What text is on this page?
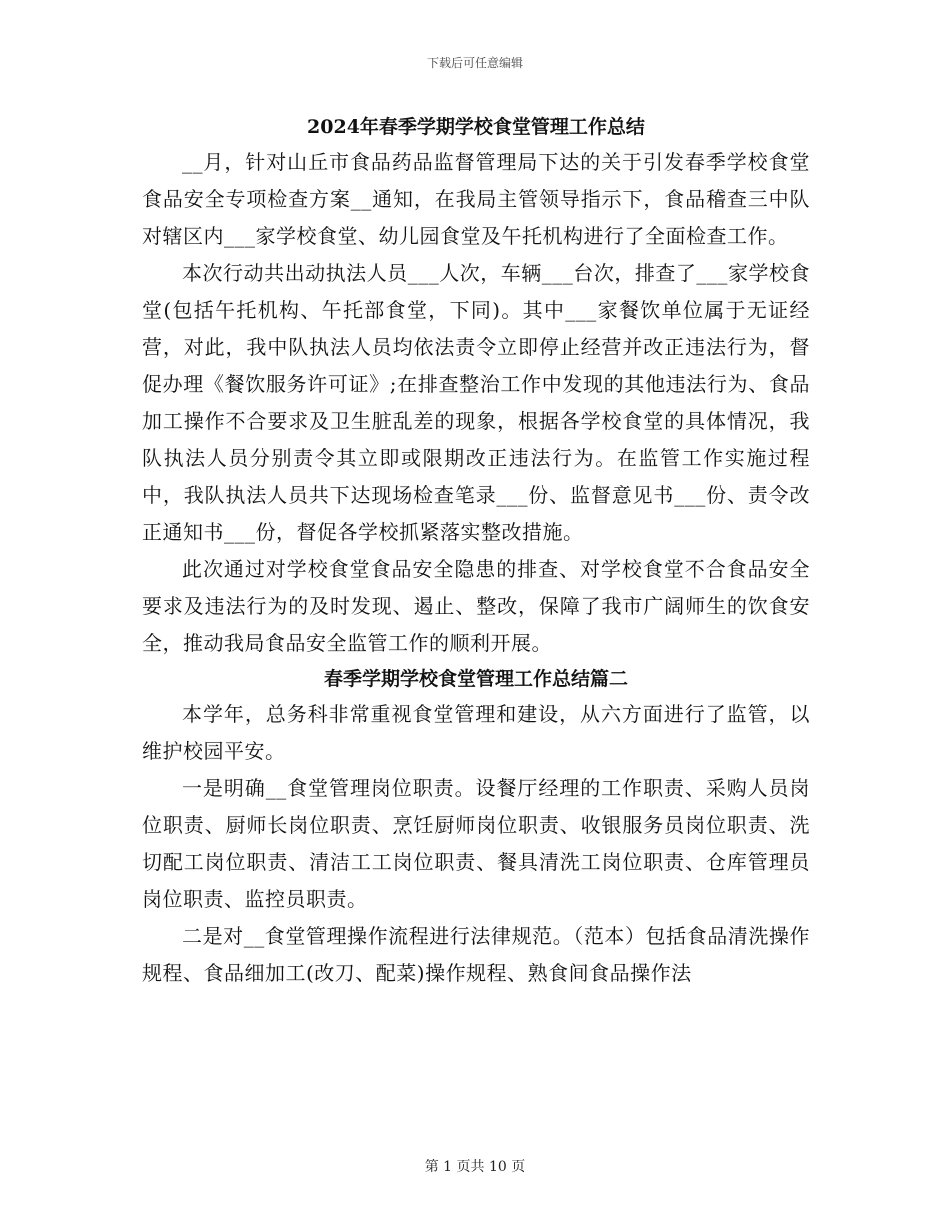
下载后可任意编辑
2024年春季学期学校食堂管理工作总结

__月，针对山丘市食品药品监督管理局下达的关于引发春季学校食堂食品安全专项检查方案__通知，在我局主管领导指示下，食品稽查三中队对辖区内___家学校食堂、幼儿园食堂及午托机构进行了全面检查工作。

本次行动共出动执法人员___人次，车辆___台次，排查了___家学校食堂(包括午托机构、午托部食堂，下同)。其中___家餐饮单位属于无证经营，对此，我中队执法人员均依法责令立即停止经营并改正违法行为，督促办理《餐饮服务许可证》;在排查整治工作中发现的其他违法行为、食品加工操作不合要求及卫生脏乱差的现象，根据各学校食堂的具体情况，我队执法人员分别责令其立即或限期改正违法行为。在监管工作实施过程中，我队执法人员共下达现场检查笔录___份、监督意见书___份、责令改正通知书___份，督促各学校抓紧落实整改措施。

此次通过对学校食堂食品安全隐患的排查、对学校食堂不合食品安全要求及违法行为的及时发现、遏止、整改，保障了我市广阔师生的饮食安全，推动我局食品安全监管工作的顺利开展。

春季学期学校食堂管理工作总结篇二

本学年，总务科非常重视食堂管理和建设，从六方面进行了监管，以维护校园平安。

一是明确__食堂管理岗位职责。设餐厅经理的工作职责、采购人员岗位职责、厨师长岗位职责、烹饪厨师岗位职责、收银服务员岗位职责、洗切配工岗位职责、清洁工工岗位职责、餐具清洗工岗位职责、仓库管理员岗位职责、监控员职责。

二是对__食堂管理操作流程进行法律规范。（范本）包括食品清洗操作规程、食品细加工(改刀、配菜)操作规程、熟食间食品操作法

第 1 页共 10 页
